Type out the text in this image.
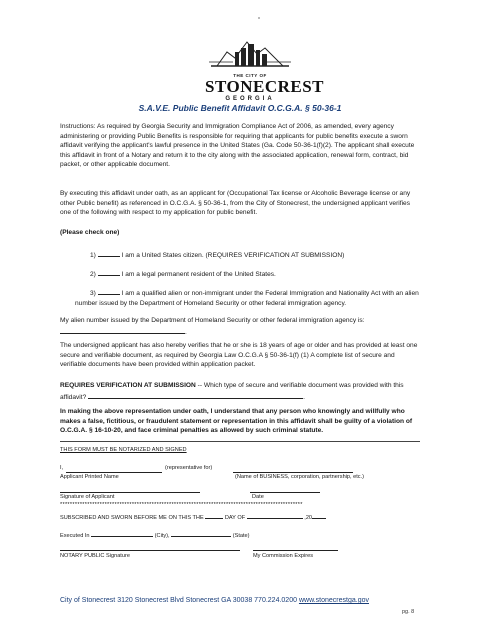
THE CITY OF
STONECREST
GEORGIA
S.A.V.E. Public Benefit Affidavit O.C.G.A. § 50-36-1
Instructions: As required by Georgia Security and Immigration Compliance Act of 2006, as amended, every agency administering or providing Public Benefits is responsible for requiring that applicants for public benefits execute a sworn affidavit verifying the applicant's lawful presence in the United States (Ga. Code 50-36-1(f)(2). The applicant shall execute this affidavit in front of a Notary and return it to the city along with the associated application, renewal form, contract, bid packet, or other applicable document.
By executing this affidavit under oath, as an applicant for (Occupational Tax license or Alcoholic Beverage license or any other Public benefit) as referenced in O.C.G.A. § 50-36-1, from the City of Stonecrest, the undersigned applicant verifies one of the following with respect to my application for public benefit.
(Please check one)
1)	I am a United States citizen. (REQUIRES VERIFICATION AT SUBMISSION)
2)	I am a legal permanent resident of the United States.
3)	I am a qualified alien or non-immigrant under the Federal Immigration and Nationality Act with an alien number issued by the Department of Homeland Security or other federal immigration agency.
My alien number issued by the Department of Homeland Security or other federal immigration agency is: .
The undersigned applicant has also hereby verifies that he or she is 18 years of age or older and has provided at least one secure and verifiable document, as required by Georgia Law O.C.G.A § 50-36-1(f) (1) A complete list of secure and verifiable documents have been provided within application packet.
REQUIRES VERIFICATION AT SUBMISSION -- Which type of secure and verifiable document was provided with this affidavit?	.
In making the above representation under oath, I understand that any person who knowingly and willfully who makes a false, fictitious, or fraudulent statement or representation in this affidavit shall be guilty of a violation of O.C.G.A. § 16-10-20, and face criminal penalties as allowed by such criminal statute.
THIS FORM MUST BE NOTARIZED AND SIGNED
I,	(representative for)
Applicant Printed Name	(Name of BUSINESS, corporation, partnership, etc.)
Signature of Applicant	Date
**************************************************************************************************
SUBSCRIBED AND SWORN BEFORE ME ON THIS THE	DAY OF	,20
Executed In	(City),	(State)
NOTARY PUBLIC Signature	My Commission Expires
City of Stonecrest 3120 Stonecrest Blvd Stonecrest GA 30038 770.224.0200 www.stonecrestga.gov
pg. 8
